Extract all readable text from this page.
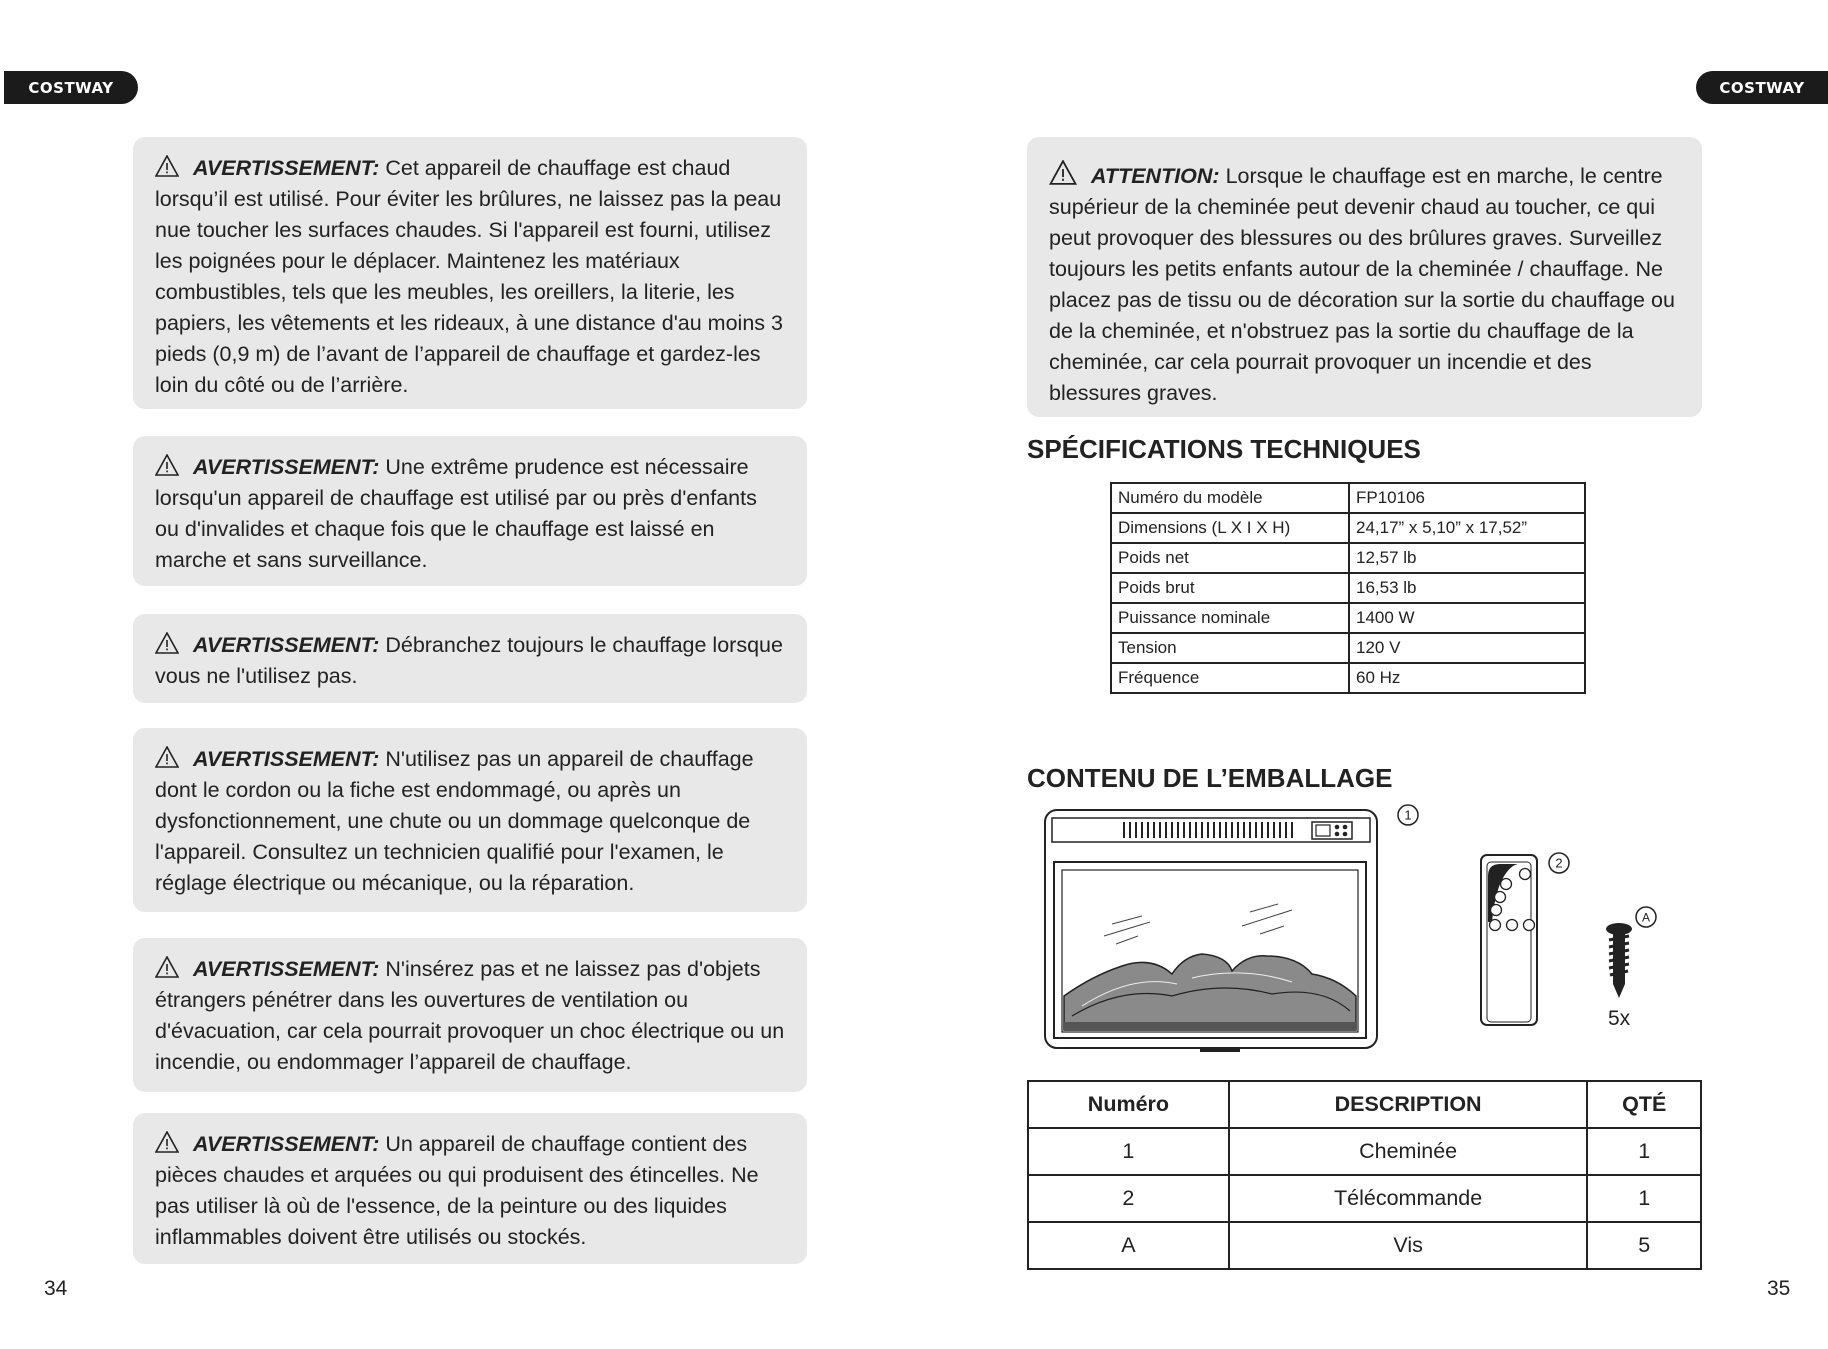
COSTWAY	COSTWAY
AVERTISSEMENT: Cet appareil de chauffage est chaud lorsqu’il est utilisé. Pour éviter les brûlures, ne laissez pas la peau nue toucher les surfaces chaudes. Si l'appareil est fourni, utilisez les poignées pour le déplacer. Maintenez les matériaux combustibles, tels que les meubles, les oreillers, la literie, les papiers, les vêtements et les rideaux, à une distance d'au moins 3 pieds (0,9 m) de l’avant de l’appareil de chauffage et gardez-les loin du côté ou de l’arrière.
AVERTISSEMENT: Une extrême prudence est nécessaire lorsqu'un appareil de chauffage est utilisé par ou près d'enfants ou d'invalides et chaque fois que le chauffage est laissé en marche et sans surveillance.
AVERTISSEMENT: Débranchez toujours le chauffage lorsque vous ne l'utilisez pas.
AVERTISSEMENT: N'utilisez pas un appareil de chauffage dont le cordon ou la fiche est endommagé, ou après un dysfonctionnement, une chute ou un dommage quelconque de l'appareil. Consultez un technicien qualifié pour l'examen, le réglage électrique ou mécanique, ou la réparation.
AVERTISSEMENT: N'insérez pas et ne laissez pas d'objets étrangers pénétrer dans les ouvertures de ventilation ou d'évacuation, car cela pourrait provoquer un choc électrique ou un incendie, ou endommager l’appareil de chauffage.
AVERTISSEMENT: Un appareil de chauffage contient des pièces chaudes et arquées ou qui produisent des étincelles. Ne pas utiliser là où de l'essence, de la peinture ou des liquides inflammables doivent être utilisés ou stockés.
34
ATTENTION: Lorsque le chauffage est en marche, le centre supérieur de la cheminée peut devenir chaud au toucher, ce qui peut provoquer des blessures ou des brûlures graves. Surveillez toujours les petits enfants autour de la cheminée / chauffage. Ne placez pas de tissu ou de décoration sur la sortie du chauffage ou de la cheminée, et n'obstruez pas la sortie du chauffage de la cheminée, car cela pourrait provoquer un incendie et des blessures graves.
SPÉCIFICATIONS TECHNIQUES
Numéro du modèle	FP10106
Dimensions (L X I X H)	24,17” x 5,10” x 17,52”
Poids net	12,57 lb
Poids brut	16,53 lb
Puissance nominale	1400 W
Tension	120 V
Fréquence	60 Hz
CONTENU DE L’EMBALLAGE
1
2
A
5x
Numéro	DESCRIPTION	QTÉ
1	Cheminée	1
2	Télécommande	1
A	Vis	5
35
